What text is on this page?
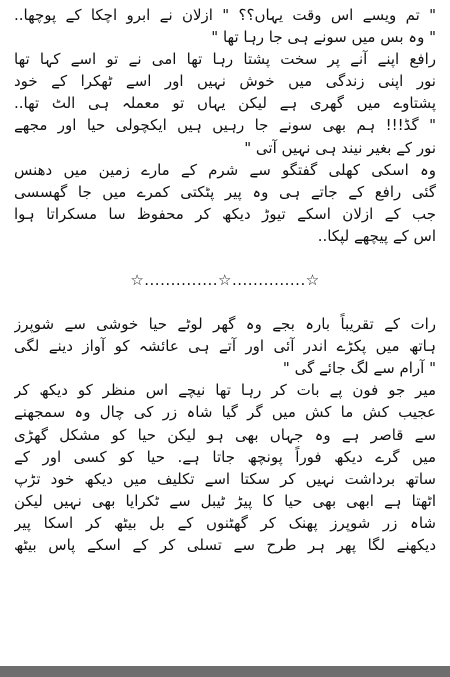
" تم ویسے اس وقت یہاں؟؟ " ازلان نے ابرو اچکا کے پوچھا..
" وہ بس میں سونے ہی جا رہا تھا "
رافع اپنے آنے پر سخت پشتا رہا تھا امی نے تو اسے کہا تھا
نور اپنی زندگی میں خوش نہیں اور اسے ٹھکرا کے خود
پشتاوے میں گھری ہے لیکن یہاں تو معملہ ہی الٹ تھا..
" گڈ!!! ہم بھی سونے جا رہیں ہیں ایکچولی حیا اور مجھے
نور کے بغیر نیند ہی نہیں آتی "
وہ اسکی کھلی گفتگو سے شرم کے مارے زمین میں دھنس
گئی رافع کے جاتے ہی وہ پیر پٹکتی کمرے میں جا گھسسی
جب کے ازلان اسکے تیوڑ دیکھ کر محفوظ سا مسکراتا ہوا
اس کے پیچھے لپکا..
☆..............☆..............☆
رات کے تقریباً بارہ بجے وہ گھر لوٹے حیا خوشی سے شوپرز
ہاتھ میں پکڑے اندر آئی اور آتے ہی عائشہ کو آواز دینے لگی
" آرام سے لگ جائے گی "
میر جو فون پے بات کر رہا تھا نیچے اس منظر کو دیکھ کر
عجیب کش ما کش میں گر گیا شاہ زر کی چال وہ سمجھنے
سے قاصر ہے وہ جہاں بھی ہو لیکن حیا کو مشکل گھڑی
میں گرے دیکھ فوراً پونچھ جاتا ہے. حیا کو کسی اور کے
ساتھ برداشت نہیں کر سکتا اسے تکلیف میں دیکھ خود تڑپ
اٹھتا ہے ابھی بھی حیا کا پیڑ ٹیبل سے ٹکرایا بھی نہیں لیکن
شاہ زر شوپرز پھنک کر گھٹنوں کے بل بیٹھ کر اسکا پیر
دیکھنے لگا پھر ہر طرح سے تسلی کر کے اسکے پاس بیٹھ
